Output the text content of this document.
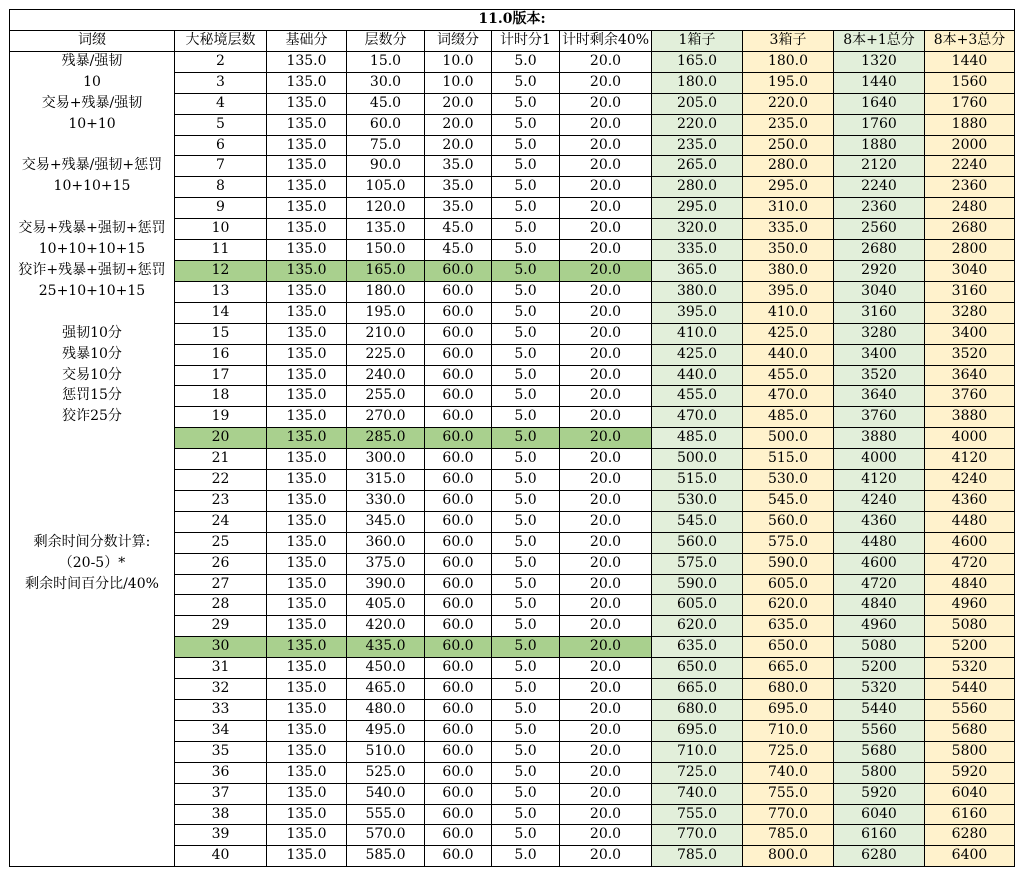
11.0版本:										
词缀	大秘境层数	基础分	层数分	词缀分	计时分1	计时剩余40%	1箱子	3箱子	8本+1总分	8本+3总分
残暴/强韧	2	135.0	15.0	10.0	5.0	20.0	165.0	180.0	1320	1440
10	3	135.0	30.0	10.0	5.0	20.0	180.0	195.0	1440	1560
交易+残暴/强韧	4	135.0	45.0	20.0	5.0	20.0	205.0	220.0	1640	1760
10+10	5	135.0	60.0	20.0	5.0	20.0	220.0	235.0	1760	1880
	6	135.0	75.0	20.0	5.0	20.0	235.0	250.0	1880	2000
交易+残暴/强韧+惩罚	7	135.0	90.0	35.0	5.0	20.0	265.0	280.0	2120	2240
10+10+15	8	135.0	105.0	35.0	5.0	20.0	280.0	295.0	2240	2360
	9	135.0	120.0	35.0	5.0	20.0	295.0	310.0	2360	2480
交易+残暴+强韧+惩罚	10	135.0	135.0	45.0	5.0	20.0	320.0	335.0	2560	2680
10+10+10+15	11	135.0	150.0	45.0	5.0	20.0	335.0	350.0	2680	2800
狡诈+残暴+强韧+惩罚	12	135.0	165.0	60.0	5.0	20.0	365.0	380.0	2920	3040
25+10+10+15	13	135.0	180.0	60.0	5.0	20.0	380.0	395.0	3040	3160
	14	135.0	195.0	60.0	5.0	20.0	395.0	410.0	3160	3280
强韧10分	15	135.0	210.0	60.0	5.0	20.0	410.0	425.0	3280	3400
残暴10分	16	135.0	225.0	60.0	5.0	20.0	425.0	440.0	3400	3520
交易10分	17	135.0	240.0	60.0	5.0	20.0	440.0	455.0	3520	3640
惩罚15分	18	135.0	255.0	60.0	5.0	20.0	455.0	470.0	3640	3760
狡诈25分	19	135.0	270.0	60.0	5.0	20.0	470.0	485.0	3760	3880
	20	135.0	285.0	60.0	5.0	20.0	485.0	500.0	3880	4000
	21	135.0	300.0	60.0	5.0	20.0	500.0	515.0	4000	4120
	22	135.0	315.0	60.0	5.0	20.0	515.0	530.0	4120	4240
	23	135.0	330.0	60.0	5.0	20.0	530.0	545.0	4240	4360
	24	135.0	345.0	60.0	5.0	20.0	545.0	560.0	4360	4480
剩余时间分数计算:	25	135.0	360.0	60.0	5.0	20.0	560.0	575.0	4480	4600
（20-5）*	26	135.0	375.0	60.0	5.0	20.0	575.0	590.0	4600	4720
剩余时间百分比/40%	27	135.0	390.0	60.0	5.0	20.0	590.0	605.0	4720	4840
	28	135.0	405.0	60.0	5.0	20.0	605.0	620.0	4840	4960
	29	135.0	420.0	60.0	5.0	20.0	620.0	635.0	4960	5080
	30	135.0	435.0	60.0	5.0	20.0	635.0	650.0	5080	5200
	31	135.0	450.0	60.0	5.0	20.0	650.0	665.0	5200	5320
	32	135.0	465.0	60.0	5.0	20.0	665.0	680.0	5320	5440
	33	135.0	480.0	60.0	5.0	20.0	680.0	695.0	5440	5560
	34	135.0	495.0	60.0	5.0	20.0	695.0	710.0	5560	5680
	35	135.0	510.0	60.0	5.0	20.0	710.0	725.0	5680	5800
	36	135.0	525.0	60.0	5.0	20.0	725.0	740.0	5800	5920
	37	135.0	540.0	60.0	5.0	20.0	740.0	755.0	5920	6040
	38	135.0	555.0	60.0	5.0	20.0	755.0	770.0	6040	6160
	39	135.0	570.0	60.0	5.0	20.0	770.0	785.0	6160	6280
	40	135.0	585.0	60.0	5.0	20.0	785.0	800.0	6280	6400
